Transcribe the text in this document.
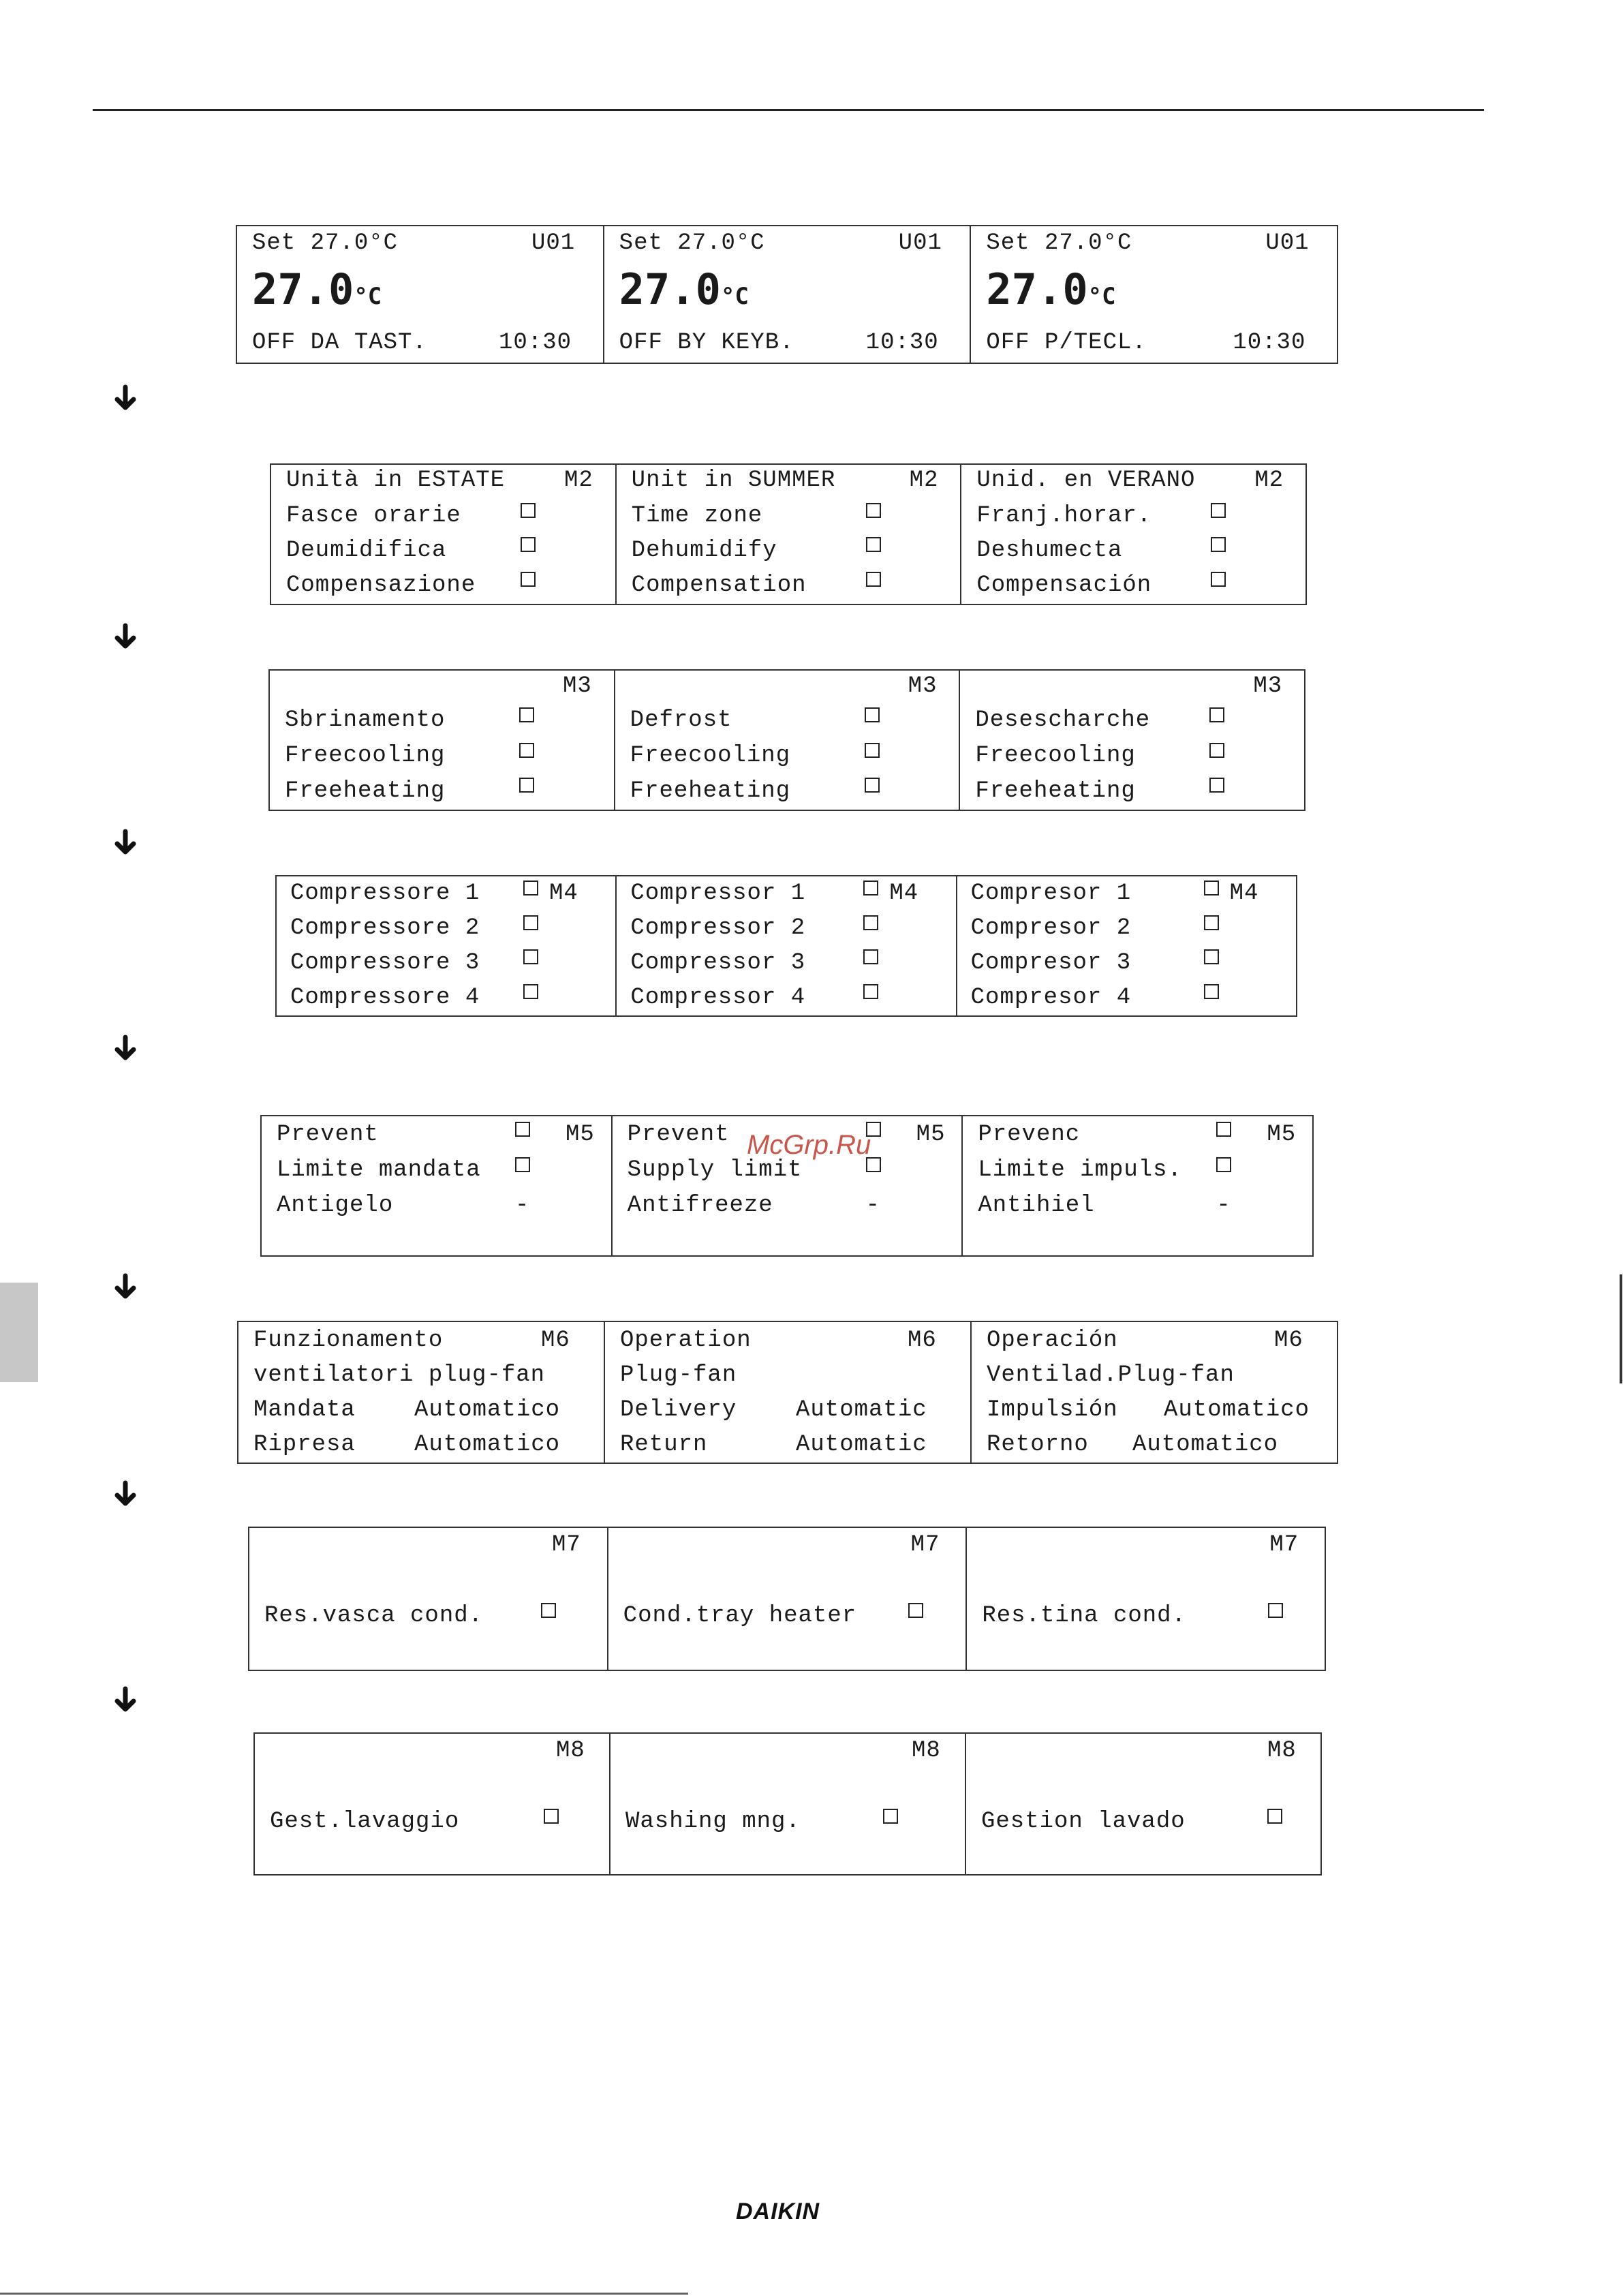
Set 27.0°C	U01
27.0°C
OFF DA TAST.	10:30
Set 27.0°C	U01
27.0°C
OFF BY KEYB.	10:30
Set 27.0°C	U01
27.0°C
OFF P/TECL.	10:30
Unità in ESTATE	M2
Fasce orarie
Deumidifica
Compensazione
Unit in SUMMER	M2
Time zone
Dehumidify
Compensation
Unid. en VERANO	M2
Franj.horar.
Deshumecta
Compensación
M3
Sbrinamento
Freecooling
Freeheating
M3
Defrost
Freecooling
Freeheating
M3
Desescharche
Freecooling
Freeheating
Compressore 1	M4
Compressore 2
Compressore 3
Compressore 4
Compressor 1	M4
Compressor 2
Compressor 3
Compressor 4
Compresor 1	M4
Compresor 2
Compresor 3
Compresor 4
Prevent	M5
Limite mandata
Antigelo	-
Prevent	M5
Supply limit
Antifreeze	-
Prevenc	M5
Limite impuls.
Antihiel	-
McGrp.Ru
Funzionamento	M6
ventilatori plug-fan
Mandata	Automatico
Ripresa	Automatico
Operation	M6
Plug-fan
Delivery	Automatic
Return	Automatic
Operación	M6
Ventilad.Plug-fan
Impulsión Automatico
Retorno Automatico
M7
Res.vasca cond.
M7
Cond.tray heater
M7
Res.tina cond.
M8
Gest.lavaggio
M8
Washing mng.
M8
Gestion lavado
DAIKIN
